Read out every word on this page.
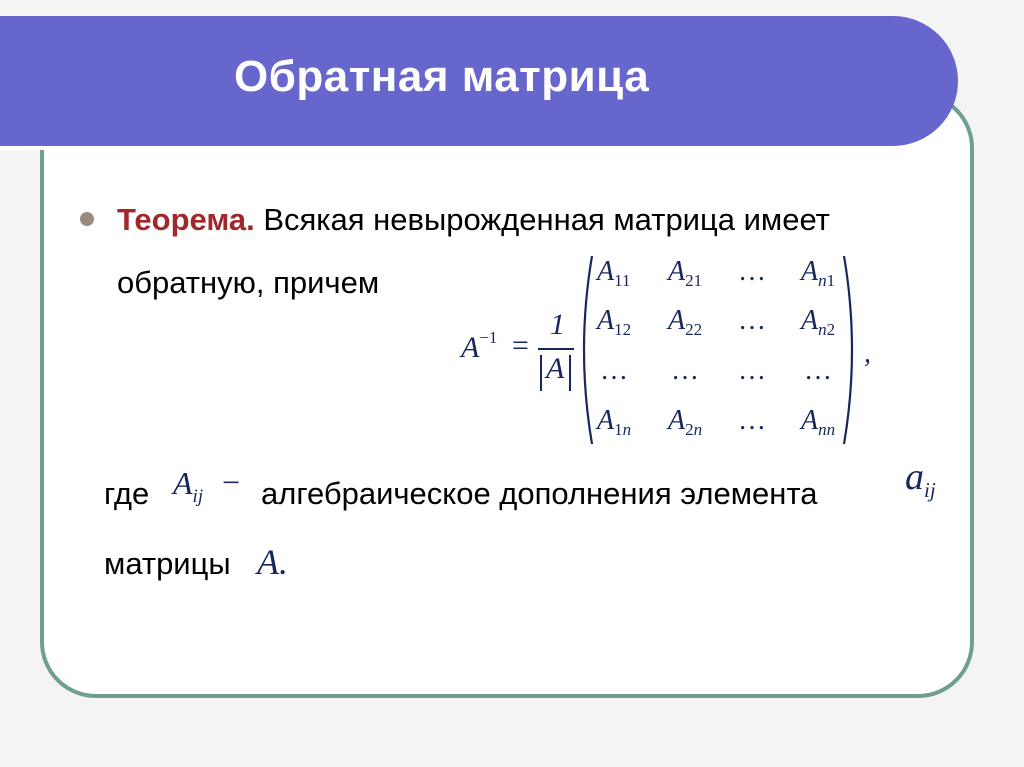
Обратная матрица
Теорема. Всякая невырожденная матрица имеет
обратную, причем
$A^{-1}$ =
1
A
$A_{11}$ $A_{21}$ … $A_{n1}$
$A_{12}$ $A_{22}$ … $A_{n2}$
… … … …
$A_{1n}$ $A_{2n}$ … $A_{nn}$
,
где $A_{ij}$ − алгебраическое дополнения элемента $a_{ij}$
матрицы A.
